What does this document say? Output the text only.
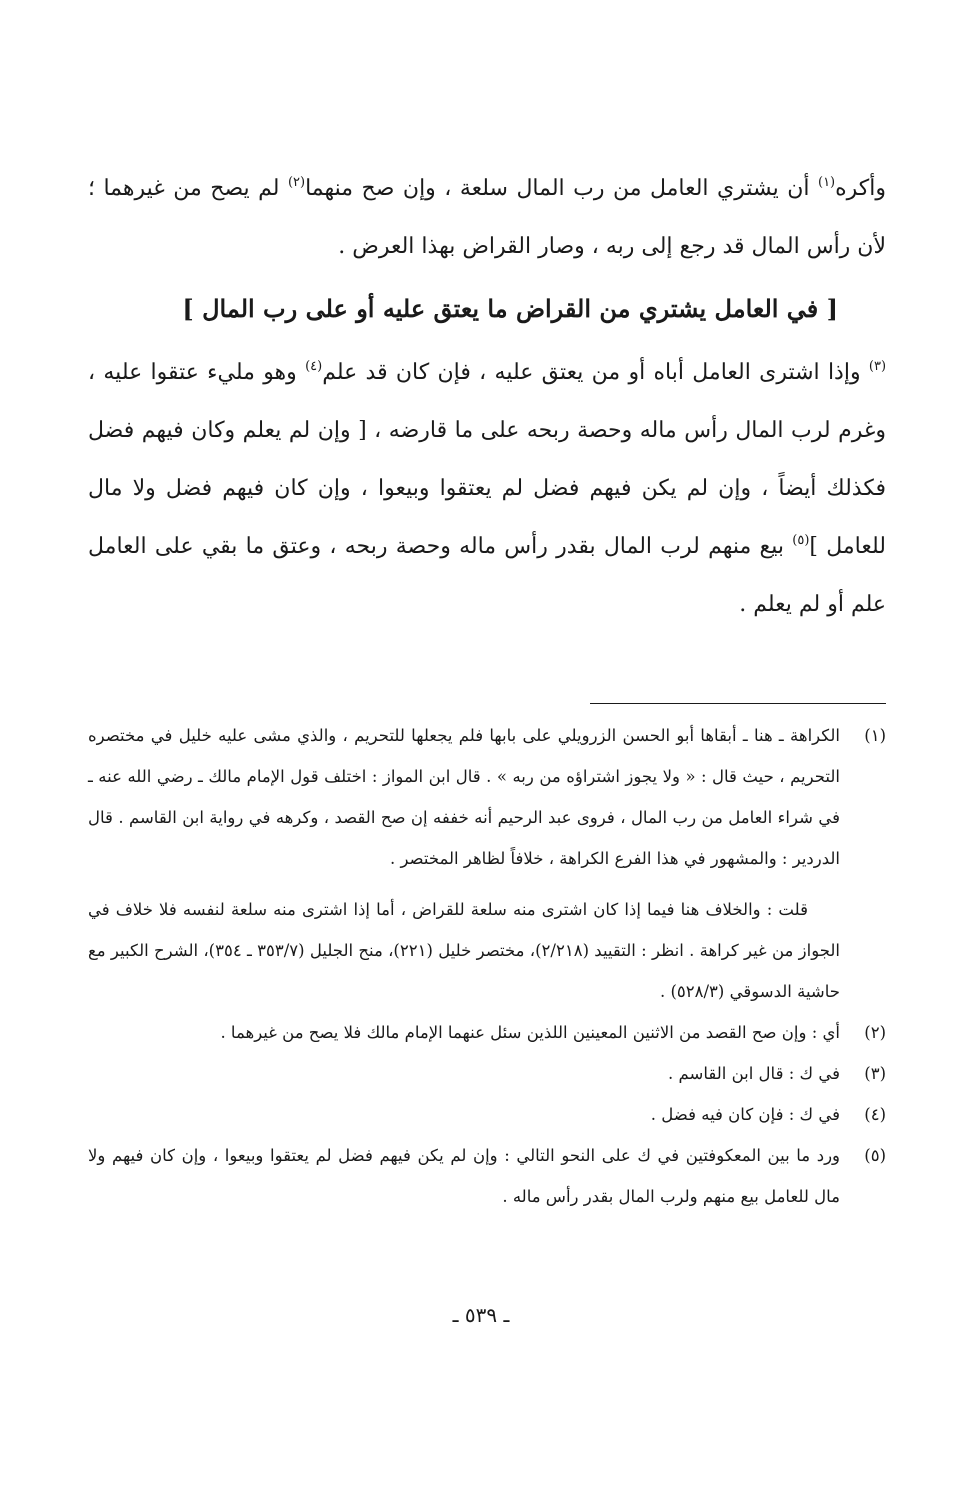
وأكره$^{(١)}$ أن يشتري العامل من رب المال سلعة ، وإن صح منهما$^{(٢)}$ لم يصح من غيرهما ؛ لأن رأس المال قد رجع إلى ربه ، وصار القراض بهذا العرض .

[ في العامل يشتري من القراض ما يعتق عليه أو على رب المال ]

$^{(٣)}$ وإذا اشترى العامل أباه أو من يعتق عليه ، فإن كان قد علم$^{(٤)}$ وهو مليء عتقوا عليه ، وغرم لرب المال رأس ماله وحصة ربحه على ما قارضه ، [ وإن لم يعلم وكان فيهم فضل فكذلك أيضاً ، وإن لم يكن فيهم فضل لم يعتقوا وبيعوا ، وإن كان فيهم فضل ولا مال للعامل ]$^{(٥)}$ بيع منهم لرب المال بقدر رأس ماله وحصة ربحه ، وعتق ما بقي على العامل علم أو لم يعلم .

(١)
الكراهة ـ هنا ـ أبقاها أبو الحسن الزرويلي على بابها فلم يجعلها للتحريم ، والذي مشى عليه خليل في مختصره التحريم ، حيث قال : « ولا يجوز اشتراؤه من ربه » . قال ابن المواز : اختلف قول الإمام مالك ـ رضي الله عنه ـ في شراء العامل من رب المال ، فروى عبد الرحيم أنه خففه إن صح القصد ، وكرهه في رواية ابن القاسم . قال الدردير : والمشهور في هذا الفرع الكراهة ، خلافاً لظاهر المختصر .
قلت : والخلاف هنا فيما إذا كان اشترى منه سلعة للقراض ، أما إذا اشترى منه سلعة لنفسه فلا خلاف في الجواز من غير كراهة . انظر : التقييد (٢/٢١٨)، مختصر خليل (٢٢١)، منح الجليل (٣٥٣/٧ ـ ٣٥٤)، الشرح الكبير مع حاشية الدسوقي (٥٢٨/٣) .
(٢)
أي : وإن صح القصد من الاثنين المعينين اللذين سئل عنهما الإمام مالك فلا يصح من غيرهما .
(٣)
في ك : قال ابن القاسم .
(٤)
في ك : فإن كان فيه فضل .
(٥)
ورد ما بين المعكوفتين في ك على النحو التالي : وإن لم يكن فيهم فضل لم يعتقوا وبيعوا ، وإن كان فيهم ولا مال للعامل بيع منهم ولرب المال بقدر رأس ماله .
ـ ٥٣٩ ـ
